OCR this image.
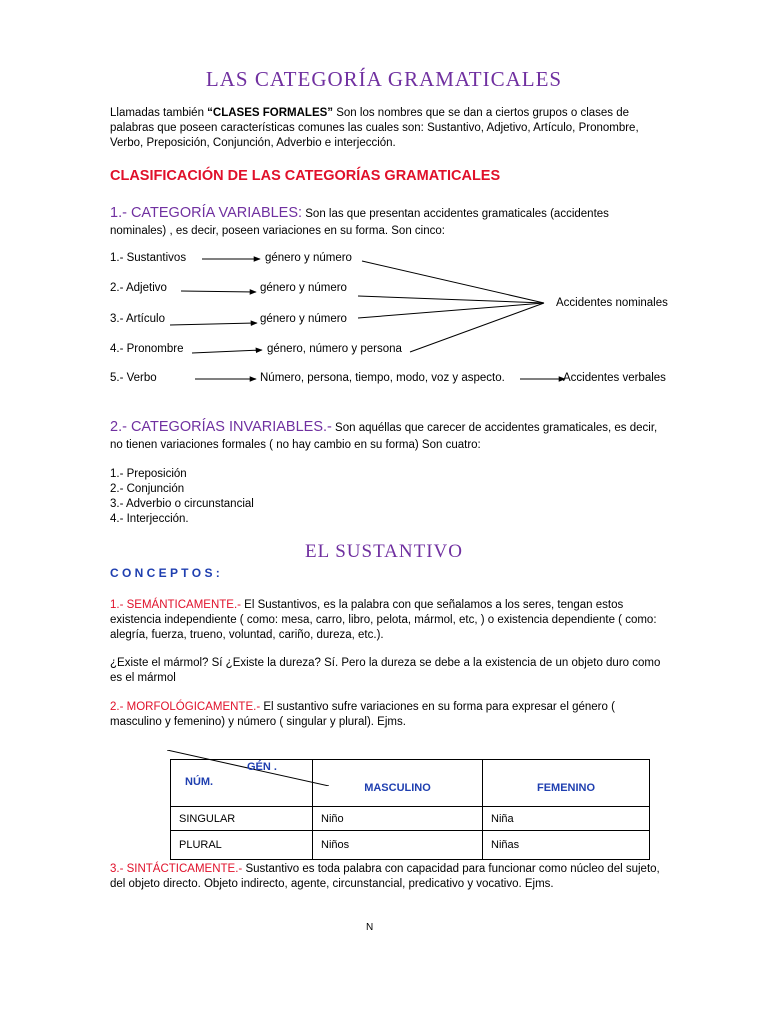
LAS CATEGORÍA GRAMATICALES
Llamadas también “CLASES FORMALES” Son los nombres que se dan a ciertos grupos o clases de palabras que poseen características comunes las cuales son: Sustantivo, Adjetivo, Artículo, Pronombre, Verbo, Preposición, Conjunción, Adverbio e interjección.
CLASIFICACIÓN DE LAS CATEGORÍAS GRAMATICALES
1.- CATEGORÍA VARIABLES: Son las que presentan accidentes gramaticales (accidentes nominales) , es decir, poseen variaciones en su forma. Son cinco:
1.- Sustantivos	género y número
2.- Adjetivo	género y número
3.- Artículo	género y número
4.- Pronombre	género, número y persona
5.- Verbo	Número, persona, tiempo, modo, voz y aspecto.
Accidentes nominales
Accidentes verbales
2.- CATEGORÍAS INVARIABLES.- Son aquéllas que carecer de accidentes gramaticales, es decir, no tienen variaciones formales ( no hay cambio en su forma) Son cuatro:
1.- Preposición
2.- Conjunción
3.- Adverbio o circunstancial
4.- Interjección.
EL SUSTANTIVO
C O N C E P T O S :
1.- SEMÁNTICAMENTE.- El Sustantivos, es la palabra con que señalamos a los seres, tengan estos existencia independiente ( como: mesa, carro, libro, pelota, mármol, etc, ) o existencia dependiente ( como: alegría, fuerza, trueno, voluntad, cariño, dureza, etc.).
¿Existe el mármol? Sí ¿Existe la dureza? Sí. Pero la dureza se debe a la existencia de un objeto duro como es el mármol
2.- MORFOLÓGICAMENTE.- El sustantivo sufre variaciones en su forma para expresar el género ( masculino y femenino) y número ( singular y plural). Ejms.
GÉN .
NÚM.	MASCULINO	FEMENINO
SINGULAR	Niño	Niña
PLURAL	Niños	Niñas
3.- SINTÁCTICAMENTE.- Sustantivo es toda palabra con capacidad para funcionar como núcleo del sujeto, del objeto directo. Objeto indirecto, agente, circunstancial, predicativo y vocativo. Ejms.
N
